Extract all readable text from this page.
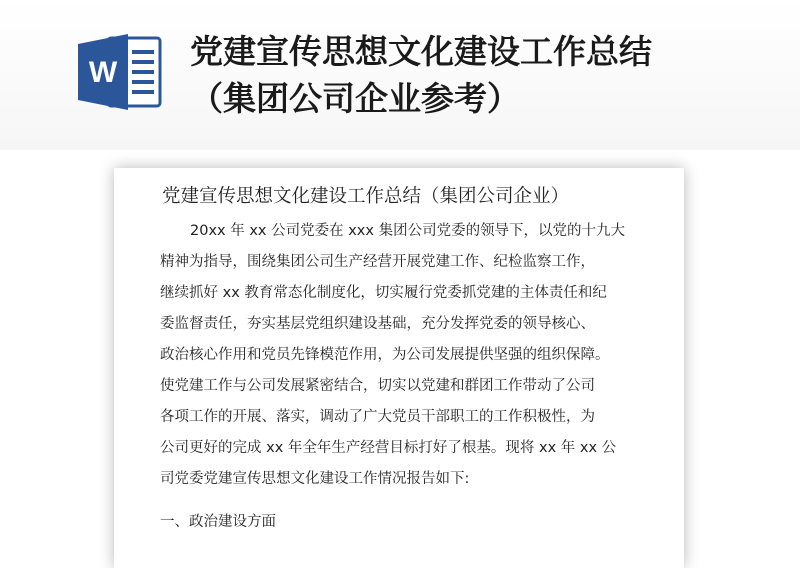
W
党建宣传思想文化建设工作总结
（集团公司企业参考）
党建宣传思想文化建设工作总结（集团公司企业）
20xx 年 xx 公司党委在 xxx 集团公司党委的领导下，以党的十九大
精神为指导，围绕集团公司生产经营开展党建工作、纪检监察工作，
继续抓好 xx 教育常态化制度化，切实履行党委抓党建的主体责任和纪
委监督责任，夯实基层党组织建设基础，充分发挥党委的领导核心、
政治核心作用和党员先锋模范作用，为公司发展提供坚强的组织保障。
使党建工作与公司发展紧密结合，切实以党建和群团工作带动了公司
各项工作的开展、落实，调动了广大党员干部职工的工作积极性，为
公司更好的完成 xx 年全年生产经营目标打好了根基。现将 xx 年 xx 公
司党委党建宣传思想文化建设工作情况报告如下:
一、政治建设方面
